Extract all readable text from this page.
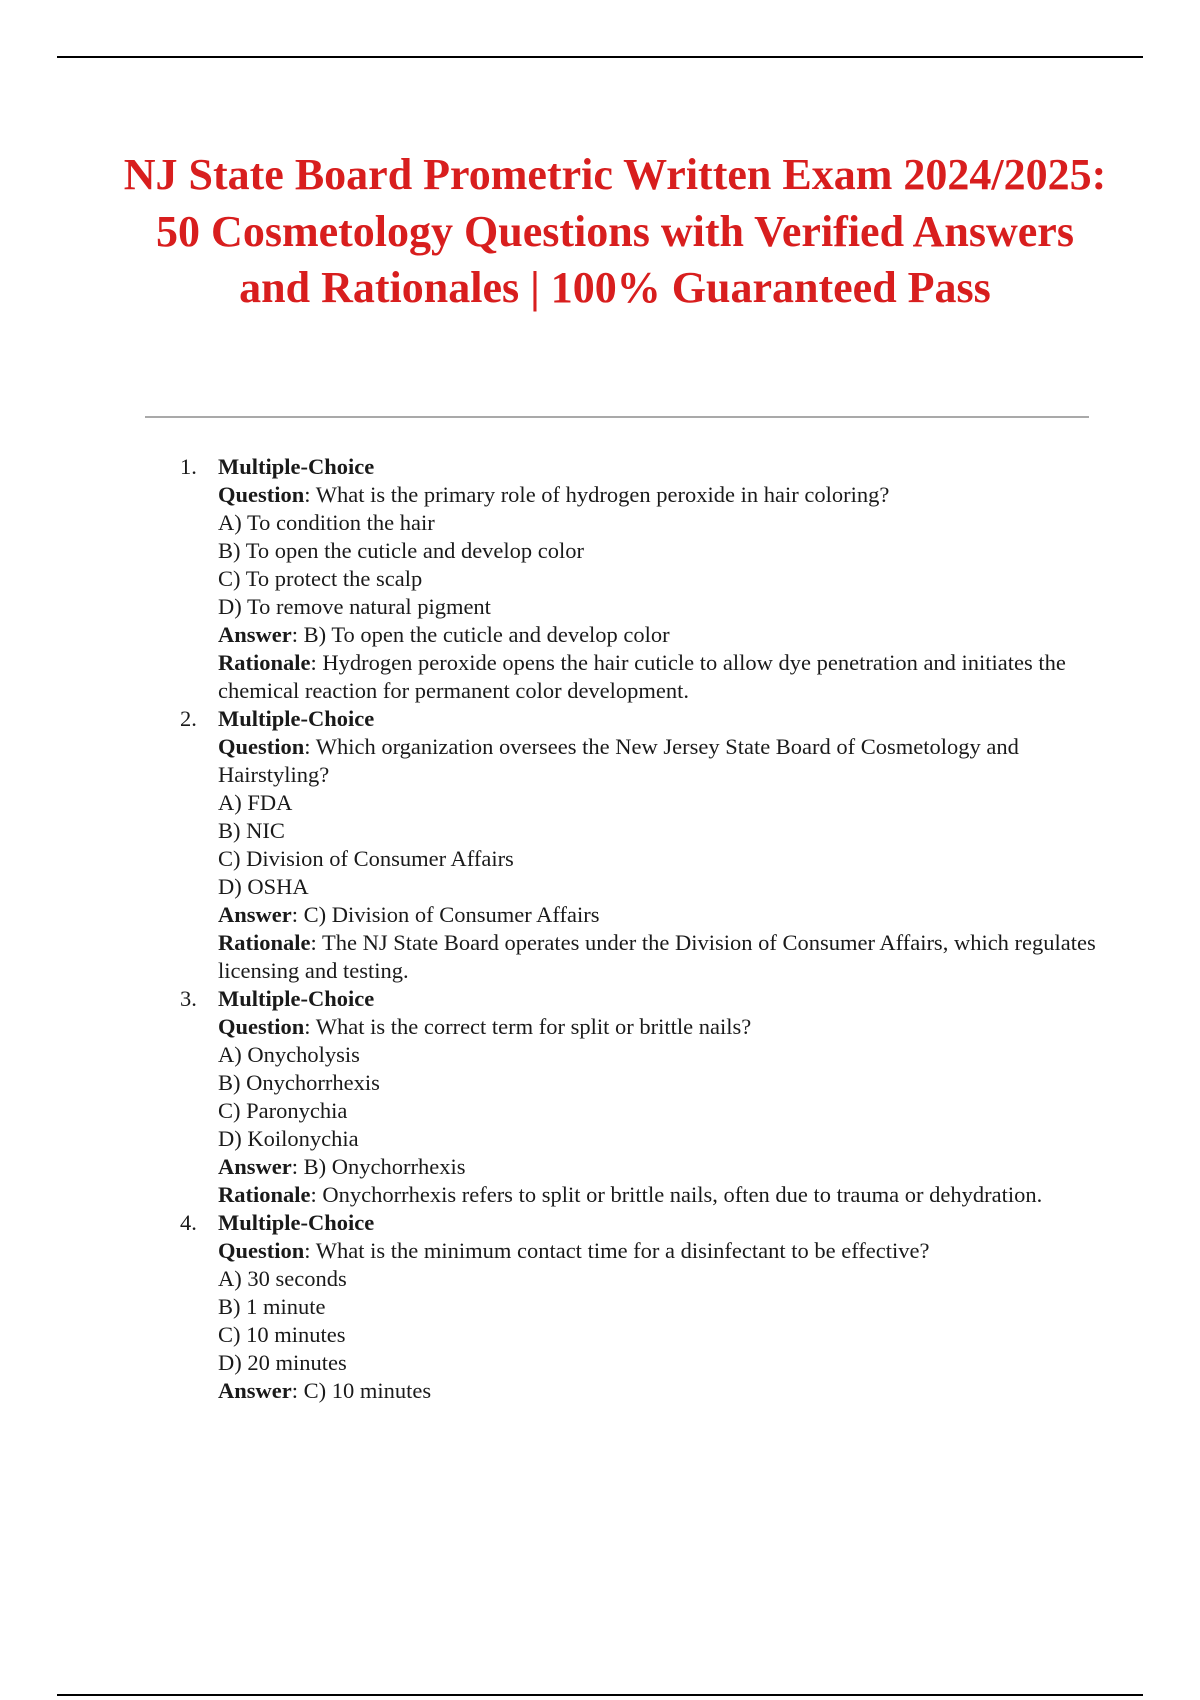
NJ State Board Prometric Written Exam 2024/2025: 50 Cosmetology Questions with Verified Answers and Rationales | 100% Guaranteed Pass
1. Multiple-Choice
Question: What is the primary role of hydrogen peroxide in hair coloring?
A) To condition the hair
B) To open the cuticle and develop color
C) To protect the scalp
D) To remove natural pigment
Answer: B) To open the cuticle and develop color
Rationale: Hydrogen peroxide opens the hair cuticle to allow dye penetration and initiates the chemical reaction for permanent color development.
2. Multiple-Choice
Question: Which organization oversees the New Jersey State Board of Cosmetology and Hairstyling?
A) FDA
B) NIC
C) Division of Consumer Affairs
D) OSHA
Answer: C) Division of Consumer Affairs
Rationale: The NJ State Board operates under the Division of Consumer Affairs, which regulates licensing and testing.
3. Multiple-Choice
Question: What is the correct term for split or brittle nails?
A) Onycholysis
B) Onychorrhexis
C) Paronychia
D) Koilonychia
Answer: B) Onychorrhexis
Rationale: Onychorrhexis refers to split or brittle nails, often due to trauma or dehydration.
4. Multiple-Choice
Question: What is the minimum contact time for a disinfectant to be effective?
A) 30 seconds
B) 1 minute
C) 10 minutes
D) 20 minutes
Answer: C) 10 minutes
